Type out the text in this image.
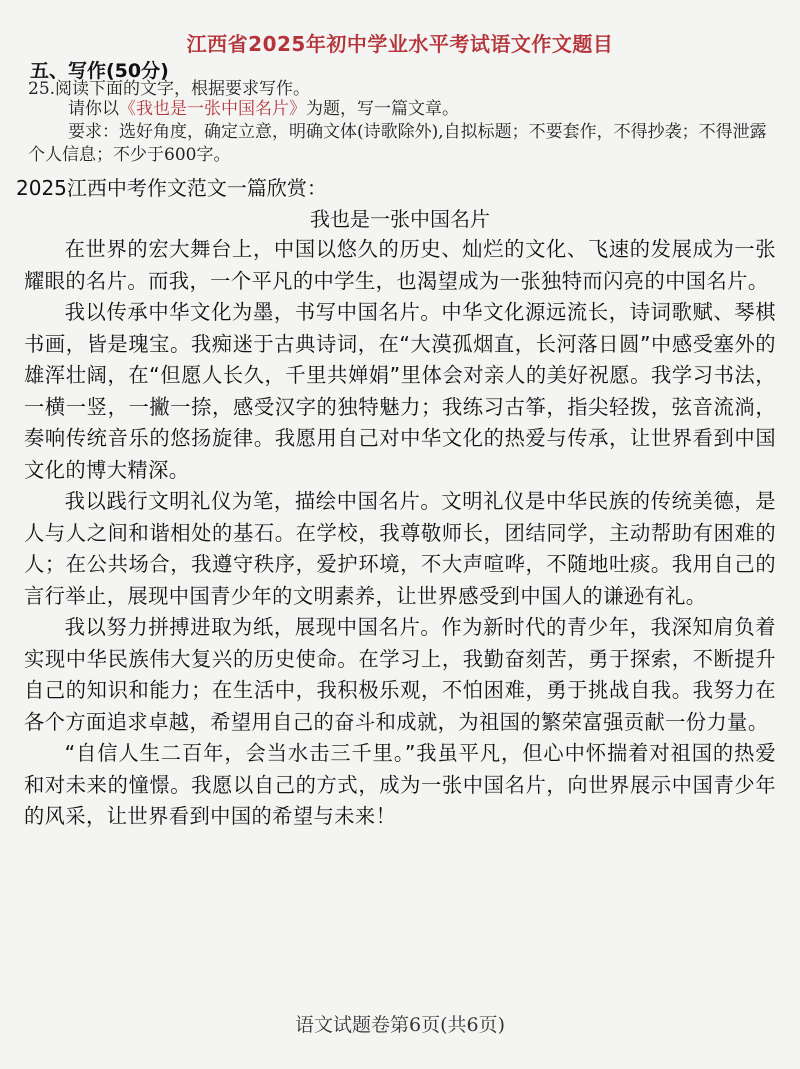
江西省2025年初中学业水平考试语文作文题目
五、写作(50分)
25.阅读下面的文字，根据要求写作。
请你以《我也是一张中国名片》为题，写一篇文章。
要求：选好角度，确定立意，明确文体(诗歌除外),自拟标题；不要套作，不得抄袭；不得泄露个人信息；不少于600字。
2025江西中考作文范文一篇欣赏：
我也是一张中国名片

在世界的宏大舞台上，中国以悠久的历史、灿烂的文化、飞速的发展成为一张耀眼的名片。而我，一个平凡的中学生，也渴望成为一张独特而闪亮的中国名片。

我以传承中华文化为墨，书写中国名片。中华文化源远流长，诗词歌赋、琴棋书画，皆是瑰宝。我痴迷于古典诗词，在“大漠孤烟直，长河落日圆”中感受塞外的雄浑壮阔，在“但愿人长久，千里共婵娟”里体会对亲人的美好祝愿。我学习书法，一横一竖，一撇一捺，感受汉字的独特魅力；我练习古筝，指尖轻拨，弦音流淌，奏响传统音乐的悠扬旋律。我愿用自己对中华文化的热爱与传承，让世界看到中国文化的博大精深。

我以践行文明礼仪为笔，描绘中国名片。文明礼仪是中华民族的传统美德，是人与人之间和谐相处的基石。在学校，我尊敬师长，团结同学，主动帮助有困难的人；在公共场合，我遵守秩序，爱护环境，不大声喧哗，不随地吐痰。我用自己的言行举止，展现中国青少年的文明素养，让世界感受到中国人的谦逊有礼。

我以努力拼搏进取为纸，展现中国名片。作为新时代的青少年，我深知肩负着实现中华民族伟大复兴的历史使命。在学习上，我勤奋刻苦，勇于探索，不断提升自己的知识和能力；在生活中，我积极乐观，不怕困难，勇于挑战自我。我努力在各个方面追求卓越，希望用自己的奋斗和成就，为祖国的繁荣富强贡献一份力量。

“自信人生二百年，会当水击三千里。”我虽平凡，但心中怀揣着对祖国的热爱和对未来的憧憬。我愿以自己的方式，成为一张中国名片，向世界展示中国青少年的风采，让世界看到中国的希望与未来！

语文试题卷第6页(共6页)
